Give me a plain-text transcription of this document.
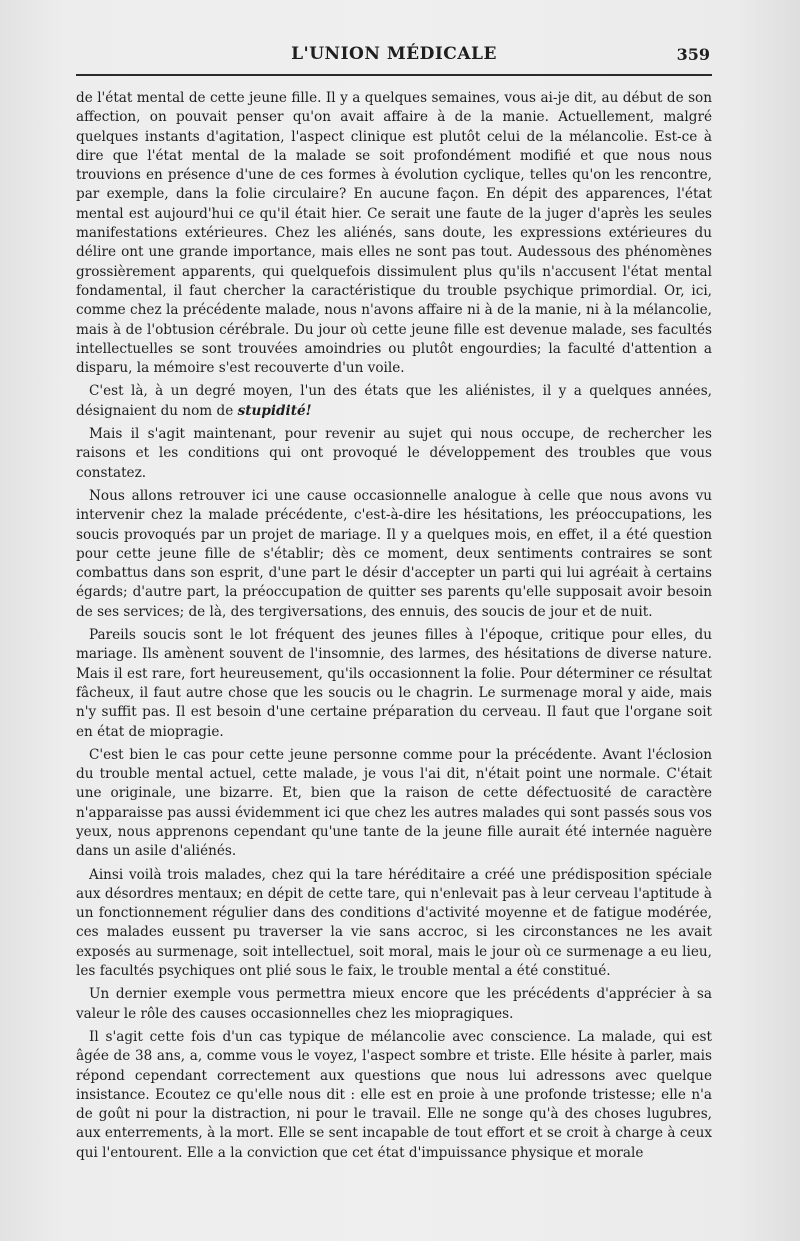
L'UNION MÉDICALE	359

de l'état mental de cette jeune fille. Il y a quelques semaines, vous ai-je dit, au début de son affection, on pouvait penser qu'on avait affaire à de la manie. Actuellement, malgré quelques instants d'agitation, l'aspect clinique est plutôt celui de la mélancolie. Est-ce à dire que l'état mental de la malade se soit profondément modifié et que nous nous trouvions en présence d'une de ces formes à évolution cyclique, telles qu'on les rencontre, par exemple, dans la folie circulaire? En aucune façon. En dépit des apparences, l'état mental est aujourd'hui ce qu'il était hier. Ce serait une faute de la juger d'après les seules manifestations extérieures. Chez les aliénés, sans doute, les expressions extérieures du délire ont une grande importance, mais elles ne sont pas tout. Audessous des phénomènes grossièrement apparents, qui quelquefois dissimulent plus qu'ils n'accusent l'état mental fondamental, il faut chercher la caractéristique du trouble psychique primordial. Or, ici, comme chez la précédente malade, nous n'avons affaire ni à de la manie, ni à la mélancolie, mais à de l'obtusion cérébrale. Du jour où cette jeune fille est devenue malade, ses facultés intellectuelles se sont trouvées amoindries ou plutôt engourdies; la faculté d'attention a disparu, la mémoire s'est recouverte d'un voile.

C'est là, à un degré moyen, l'un des états que les aliénistes, il y a quelques années, désignaient du nom de stupidité!

Mais il s'agit maintenant, pour revenir au sujet qui nous occupe, de rechercher les raisons et les conditions qui ont provoqué le développement des troubles que vous constatez.

Nous allons retrouver ici une cause occasionnelle analogue à celle que nous avons vu intervenir chez la malade précédente, c'est-à-dire les hésitations, les préoccupations, les soucis provoqués par un projet de mariage. Il y a quelques mois, en effet, il a été question pour cette jeune fille de s'établir; dès ce moment, deux sentiments contraires se sont combattus dans son esprit, d'une part le désir d'accepter un parti qui lui agréait à certains égards; d'autre part, la préoccupation de quitter ses parents qu'elle supposait avoir besoin de ses services; de là, des tergiversations, des ennuis, des soucis de jour et de nuit.

Pareils soucis sont le lot fréquent des jeunes filles à l'époque, critique pour elles, du mariage. Ils amènent souvent de l'insomnie, des larmes, des hésitations de diverse nature. Mais il est rare, fort heureusement, qu'ils occasionnent la folie. Pour déterminer ce résultat fâcheux, il faut autre chose que les soucis ou le chagrin. Le surmenage moral y aide, mais n'y suffit pas. Il est besoin d'une certaine préparation du cerveau. Il faut que l'organe soit en état de miopragie.

C'est bien le cas pour cette jeune personne comme pour la précédente. Avant l'éclosion du trouble mental actuel, cette malade, je vous l'ai dit, n'était point une normale. C'était une originale, une bizarre. Et, bien que la raison de cette défectuosité de caractère n'apparaisse pas aussi évidemment ici que chez les autres malades qui sont passés sous vos yeux, nous apprenons cependant qu'une tante de la jeune fille aurait été internée naguère dans un asile d'aliénés.

Ainsi voilà trois malades, chez qui la tare héréditaire a créé une prédisposition spéciale aux désordres mentaux; en dépit de cette tare, qui n'enlevait pas à leur cerveau l'aptitude à un fonctionnement régulier dans des conditions d'activité moyenne et de fatigue modérée, ces malades eussent pu traverser la vie sans accroc, si les circonstances ne les avait exposés au surmenage, soit intellectuel, soit moral, mais le jour où ce surmenage a eu lieu, les facultés psychiques ont plié sous le faix, le trouble mental a été constitué.

Un dernier exemple vous permettra mieux encore que les précédents d'apprécier à sa valeur le rôle des causes occasionnelles chez les miopragiques.

Il s'agit cette fois d'un cas typique de mélancolie avec conscience. La malade, qui est âgée de 38 ans, a, comme vous le voyez, l'aspect sombre et triste. Elle hésite à parler, mais répond cependant correctement aux questions que nous lui adressons avec quelque insistance. Ecoutez ce qu'elle nous dit : elle est en proie à une profonde tristesse; elle n'a de goût ni pour la distraction, ni pour le travail. Elle ne songe qu'à des choses lugubres, aux enterrements, à la mort. Elle se sent incapable de tout effort et se croit à charge à ceux qui l'entourent. Elle a la conviction que cet état d'impuissance physique et morale
